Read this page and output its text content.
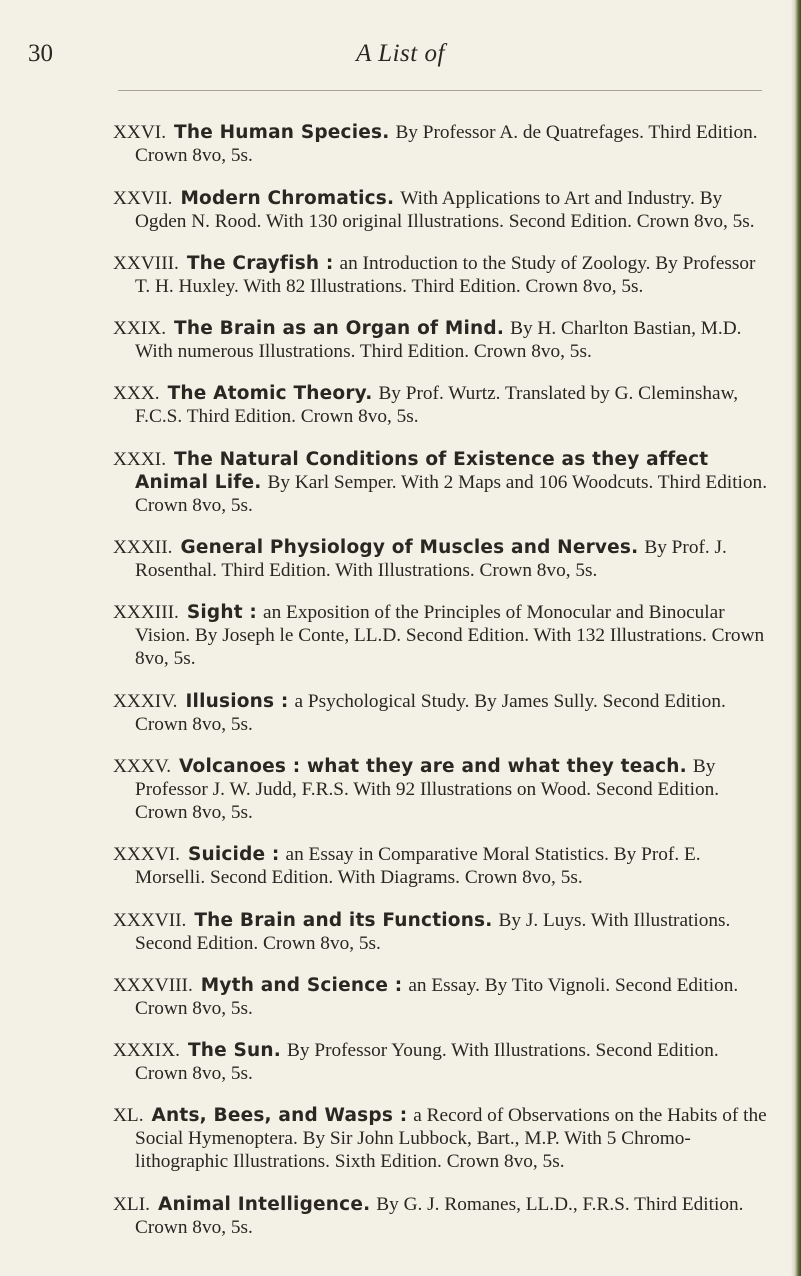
30	A List of

XXVI. The Human Species. By Professor A. de Quatrefages. Third Edition. Crown 8vo, 5s.

XXVII. Modern Chromatics. With Applications to Art and Industry. By Ogden N. Rood. With 130 original Illustrations. Second Edition. Crown 8vo, 5s.

XXVIII. The Crayfish : an Introduction to the Study of Zoology. By Professor T. H. Huxley. With 82 Illustrations. Third Edition. Crown 8vo, 5s.

XXIX. The Brain as an Organ of Mind. By H. Charlton Bastian, M.D. With numerous Illustrations. Third Edition. Crown 8vo, 5s.

XXX. The Atomic Theory. By Prof. Wurtz. Translated by G. Cleminshaw, F.C.S. Third Edition. Crown 8vo, 5s.

XXXI. The Natural Conditions of Existence as they affect Animal Life. By Karl Semper. With 2 Maps and 106 Woodcuts. Third Edition. Crown 8vo, 5s.

XXXII. General Physiology of Muscles and Nerves. By Prof. J. Rosenthal. Third Edition. With Illustrations. Crown 8vo, 5s.

XXXIII. Sight : an Exposition of the Principles of Monocular and Binocular Vision. By Joseph le Conte, LL.D. Second Edition. With 132 Illustrations. Crown 8vo, 5s.

XXXIV. Illusions : a Psychological Study. By James Sully. Second Edition. Crown 8vo, 5s.

XXXV. Volcanoes : what they are and what they teach. By Professor J. W. Judd, F.R.S. With 92 Illustrations on Wood. Second Edition. Crown 8vo, 5s.

XXXVI. Suicide : an Essay in Comparative Moral Statistics. By Prof. E. Morselli. Second Edition. With Diagrams. Crown 8vo, 5s.

XXXVII. The Brain and its Functions. By J. Luys. With Illustrations. Second Edition. Crown 8vo, 5s.

XXXVIII. Myth and Science : an Essay. By Tito Vignoli. Second Edition. Crown 8vo, 5s.

XXXIX. The Sun. By Professor Young. With Illustrations. Second Edition. Crown 8vo, 5s.

XL. Ants, Bees, and Wasps : a Record of Observations on the Habits of the Social Hymenoptera. By Sir John Lubbock, Bart., M.P. With 5 Chromo-lithographic Illustrations. Sixth Edition. Crown 8vo, 5s.

XLI. Animal Intelligence. By G. J. Romanes, LL.D., F.R.S. Third Edition. Crown 8vo, 5s.
